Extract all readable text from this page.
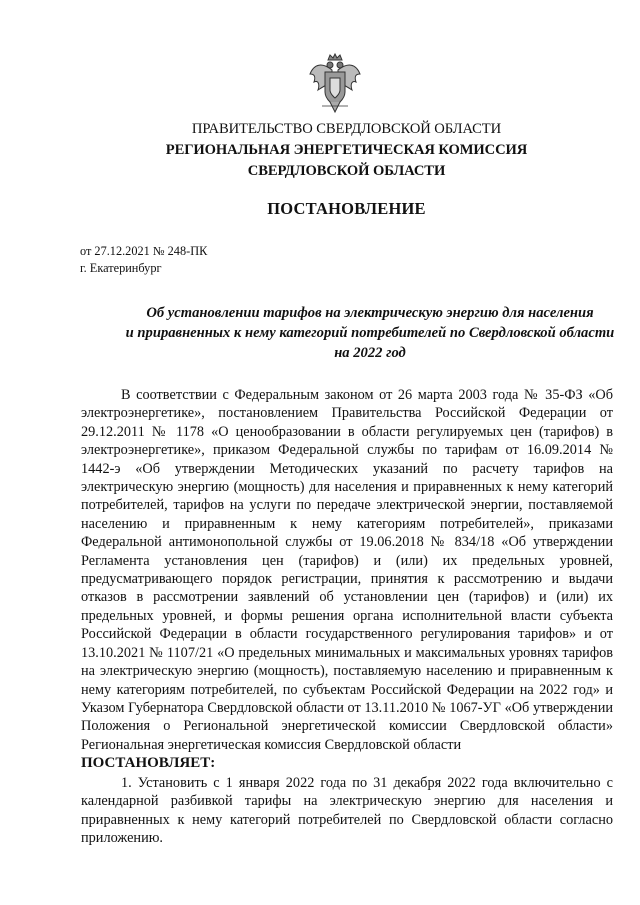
ПРАВИТЕЛЬСТВО СВЕРДЛОВСКОЙ ОБЛАСТИ
РЕГИОНАЛЬНАЯ ЭНЕРГЕТИЧЕСКАЯ КОМИССИЯ
СВЕРДЛОВСКОЙ ОБЛАСТИ
ПОСТАНОВЛЕНИЕ
от 27.12.2021 № 248-ПК
г. Екатеринбург
Об установлении тарифов на электрическую энергию для населения
и приравненных к нему категорий потребителей по Свердловской области
на 2022 год

В соответствии с Федеральным законом от 26 марта 2003 года № 35-ФЗ «Об электроэнергетике», постановлением Правительства Российской Федерации от 29.12.2011 № 1178 «О ценообразовании в области регулируемых цен (тарифов) в электроэнергетике», приказом Федеральной службы по тарифам от 16.09.2014 № 1442-э «Об утверждении Методических указаний по расчету тарифов на электрическую энергию (мощность) для населения и приравненных к нему категорий потребителей, тарифов на услуги по передаче электрической энергии, поставляемой населению и приравненным к нему категориям потребителей», приказами Федеральной антимонопольной службы от 19.06.2018 № 834/18 «Об утверждении Регламента установления цен (тарифов) и (или) их предельных уровней, предусматривающего порядок регистрации, принятия к рассмотрению и выдачи отказов в рассмотрении заявлений об установлении цен (тарифов) и (или) их предельных уровней, и формы решения органа исполнительной власти субъекта Российской Федерации в области государственного регулирования тарифов» и от 13.10.2021 № 1107/21 «О предельных минимальных и максимальных уровнях тарифов на электрическую энергию (мощность), поставляемую населению и приравненным к нему категориям потребителей, по субъектам Российской Федерации на 2022 год» и Указом Губернатора Свердловской области от 13.11.2010 № 1067-УГ «Об утверждении Положения о Региональной энергетической комиссии Свердловской области» Региональная энергетическая комиссия Свердловской области

ПОСТАНОВЛЯЕТ:

1. Установить с 1 января 2022 года по 31 декабря 2022 года включительно с календарной разбивкой тарифы на электрическую энергию для населения и приравненных к нему категорий потребителей по Свердловской области согласно приложению.
